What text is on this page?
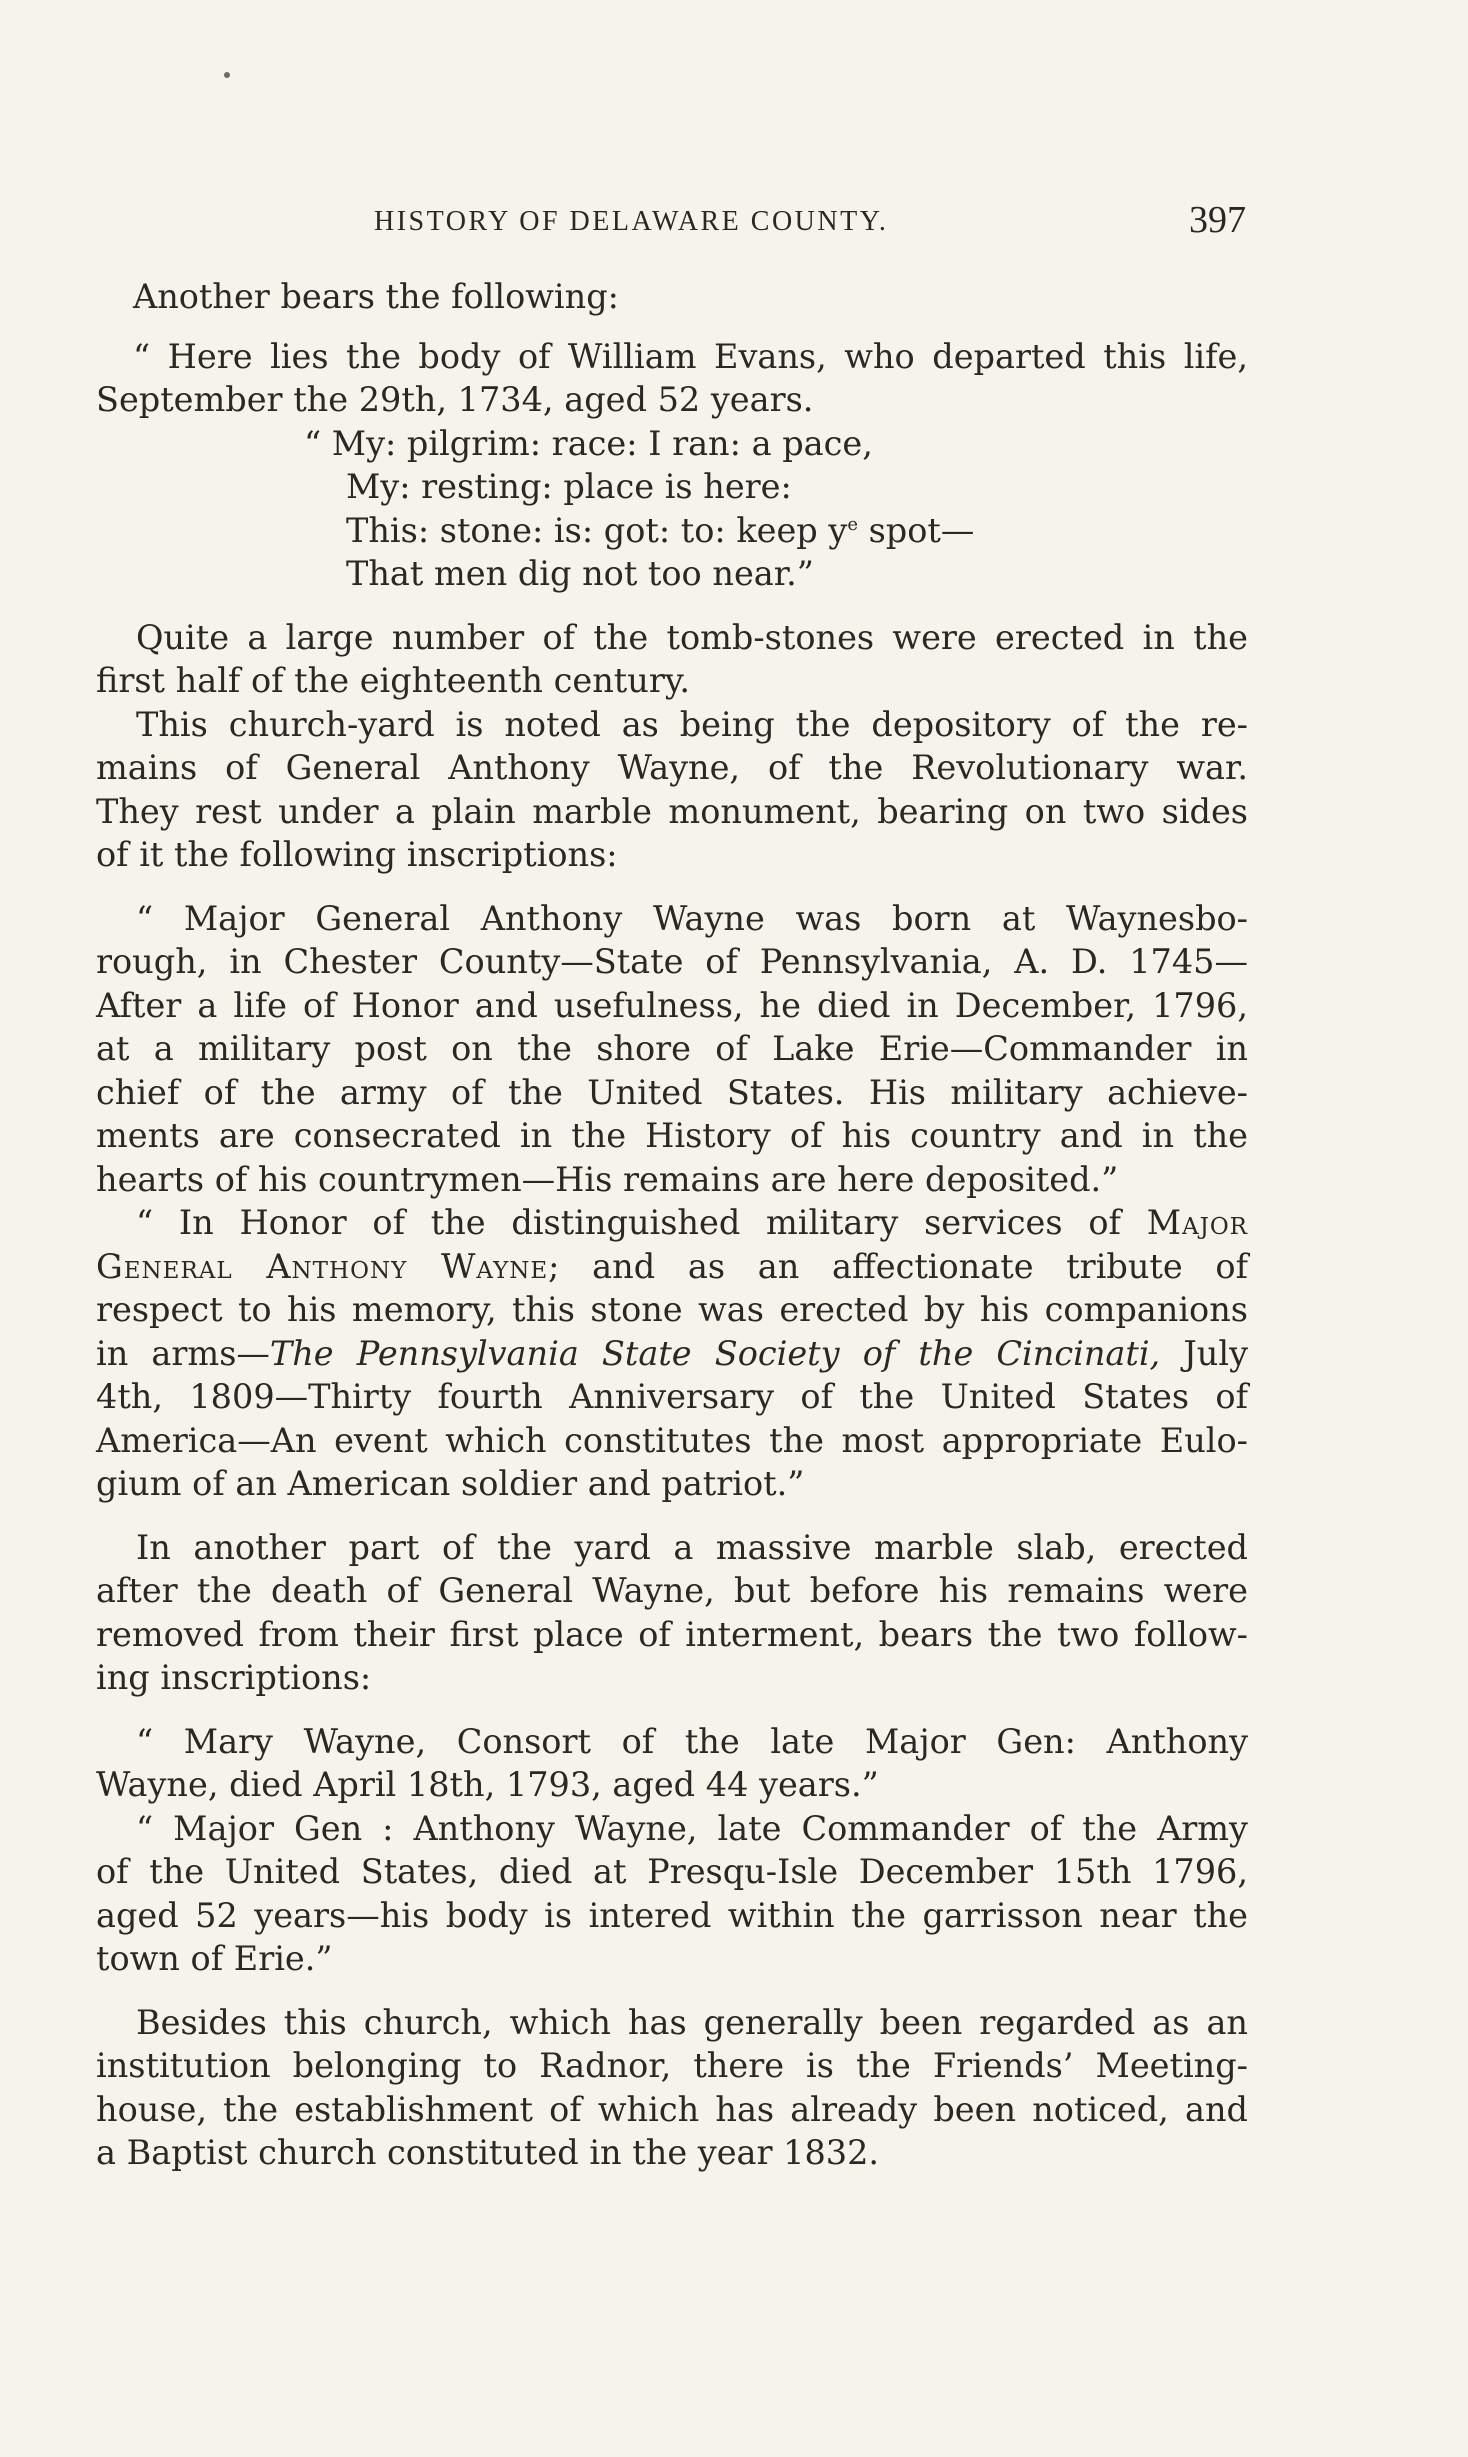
HISTORY OF DELAWARE COUNTY.	397
Another bears the following:
“ Here lies the body of William Evans, who departed this life,
September the 29th, 1734, aged 52 years.
“ My: pilgrim: race: I ran: a pace,
My: resting: place is here:
This: stone: is: got: to: keep $y^e$ spot—
That men dig not too near.”
Quite a large number of the tomb-stones were erected in the
first half of the eighteenth century.
This church-yard is noted as being the depository of the re-
mains of General Anthony Wayne, of the Revolutionary war.
They rest under a plain marble monument, bearing on two sides
of it the following inscriptions:
“ Major General Anthony Wayne was born at Waynesbo-
rough, in Chester County—State of Pennsylvania, A. D. 1745—
After a life of Honor and usefulness, he died in December, 1796,
at a military post on the shore of Lake Erie—Commander in
chief of the army of the United States. His military achieve-
ments are consecrated in the History of his country and in the
hearts of his countrymen—His remains are here deposited.”
“ In Honor of the distinguished military services of Major
General Anthony Wayne; and as an affectionate tribute of
respect to his memory, this stone was erected by his companions
in arms—The Pennsylvania State Society of the Cincinati, July
4th, 1809—Thirty fourth Anniversary of the United States of
America—An event which constitutes the most appropriate Eulo-
gium of an American soldier and patriot.”
In another part of the yard a massive marble slab, erected
after the death of General Wayne, but before his remains were
removed from their first place of interment, bears the two follow-
ing inscriptions:
“ Mary Wayne, Consort of the late Major Gen: Anthony
Wayne, died April 18th, 1793, aged 44 years.”
“ Major Gen : Anthony Wayne, late Commander of the Army
of the United States, died at Presqu-Isle December 15th 1796,
aged 52 years—his body is intered within the garrisson near the
town of Erie.”
Besides this church, which has generally been regarded as an
institution belonging to Radnor, there is the Friends’ Meeting-
house, the establishment of which has already been noticed, and
a Baptist church constituted in the year 1832.
